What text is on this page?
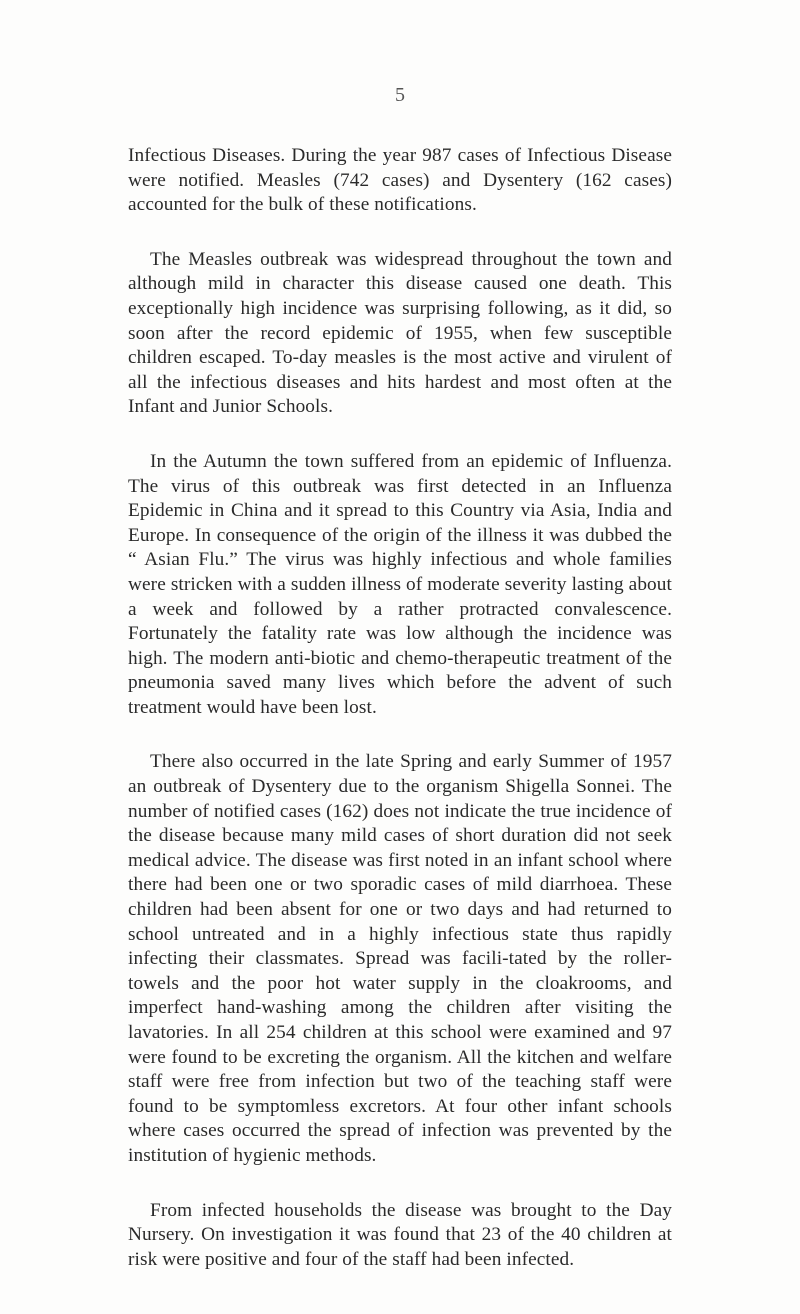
5

Infectious Diseases. During the year 987 cases of Infectious Disease were notified. Measles (742 cases) and Dysentery (162 cases) accounted for the bulk of these notifications.

The Measles outbreak was widespread throughout the town and although mild in character this disease caused one death. This exceptionally high incidence was surprising following, as it did, so soon after the record epidemic of 1955, when few susceptible children escaped. To-day measles is the most active and virulent of all the infectious diseases and hits hardest and most often at the Infant and Junior Schools.

In the Autumn the town suffered from an epidemic of Influenza. The virus of this outbreak was first detected in an Influenza Epidemic in China and it spread to this Country via Asia, India and Europe. In consequence of the origin of the illness it was dubbed the “ Asian Flu.” The virus was highly infectious and whole families were stricken with a sudden illness of moderate severity lasting about a week and followed by a rather protracted convalescence. Fortunately the fatality rate was low although the incidence was high. The modern anti-biotic and chemo-therapeutic treatment of the pneumonia saved many lives which before the advent of such treatment would have been lost.

There also occurred in the late Spring and early Summer of 1957 an outbreak of Dysentery due to the organism Shigella Sonnei. The number of notified cases (162) does not indicate the true incidence of the disease because many mild cases of short duration did not seek medical advice. The disease was first noted in an infant school where there had been one or two sporadic cases of mild diarrhoea. These children had been absent for one or two days and had returned to school untreated and in a highly infectious state thus rapidly infecting their classmates. Spread was facili-tated by the roller-towels and the poor hot water supply in the cloakrooms, and imperfect hand-washing among the children after visiting the lavatories. In all 254 children at this school were examined and 97 were found to be excreting the organism. All the kitchen and welfare staff were free from infection but two of the teaching staff were found to be symptomless excretors. At four other infant schools where cases occurred the spread of infection was prevented by the institution of hygienic methods.

From infected households the disease was brought to the Day Nursery. On investigation it was found that 23 of the 40 children at risk were positive and four of the staff had been infected.
